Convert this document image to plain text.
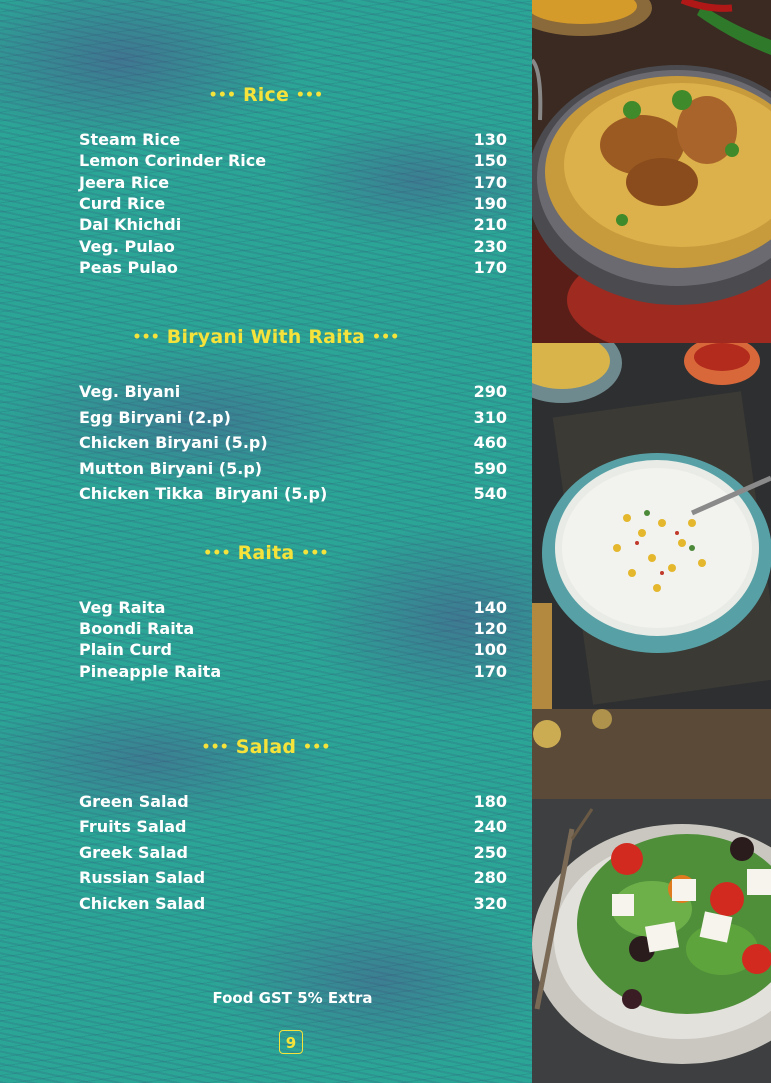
••• Rice •••
Steam Rice	130
Lemon Corinder Rice	150
Jeera Rice	170
Curd Rice	190
Dal Khichdi	210
Veg. Pulao	230
Peas Pulao	170
••• Biryani With Raita •••
Veg. Biyani	290
Egg Biryani (2.p)	310
Chicken Biryani (5.p)	460
Mutton Biryani (5.p)	590
Chicken Tikka  Biryani (5.p)	540
••• Raita •••
Veg Raita	140
Boondi Raita	120
Plain Curd	100
Pineapple Raita	170
••• Salad •••
Green Salad	180
Fruits Salad	240
Greek Salad	250
Russian Salad	280
Chicken Salad	320
Food GST 5% Extra
9
